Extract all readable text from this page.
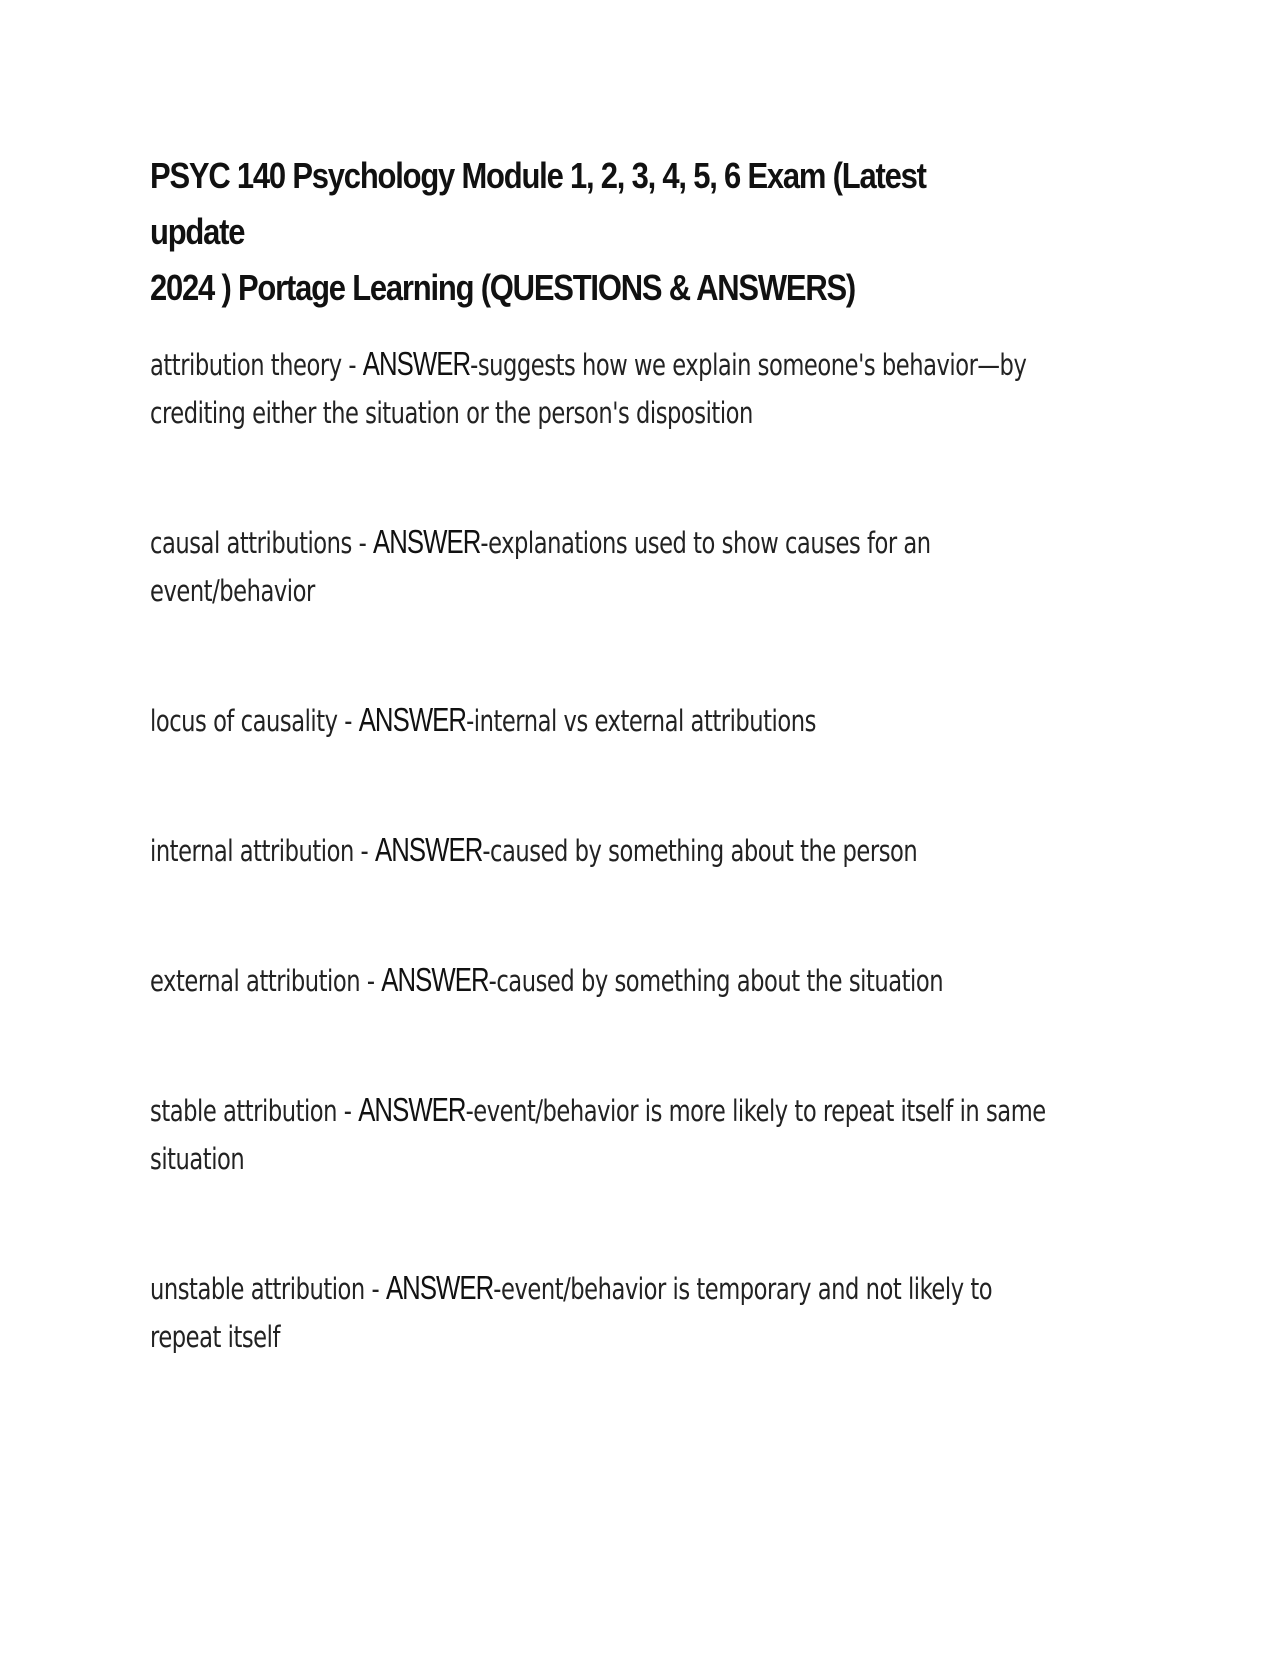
PSYC 140 Psychology Module 1, 2, 3, 4, 5, 6 Exam (Latest update
2024 ) Portage Learning (QUESTIONS & ANSWERS)

attribution theory - ANSWER-suggests how we explain someone's behavior—by
crediting either the situation or the person's disposition

causal attributions - ANSWER-explanations used to show causes for an
event/behavior

locus of causality - ANSWER-internal vs external attributions

internal attribution - ANSWER-caused by something about the person

external attribution - ANSWER-caused by something about the situation

stable attribution - ANSWER-event/behavior is more likely to repeat itself in same
situation

unstable attribution - ANSWER-event/behavior is temporary and not likely to
repeat itself
